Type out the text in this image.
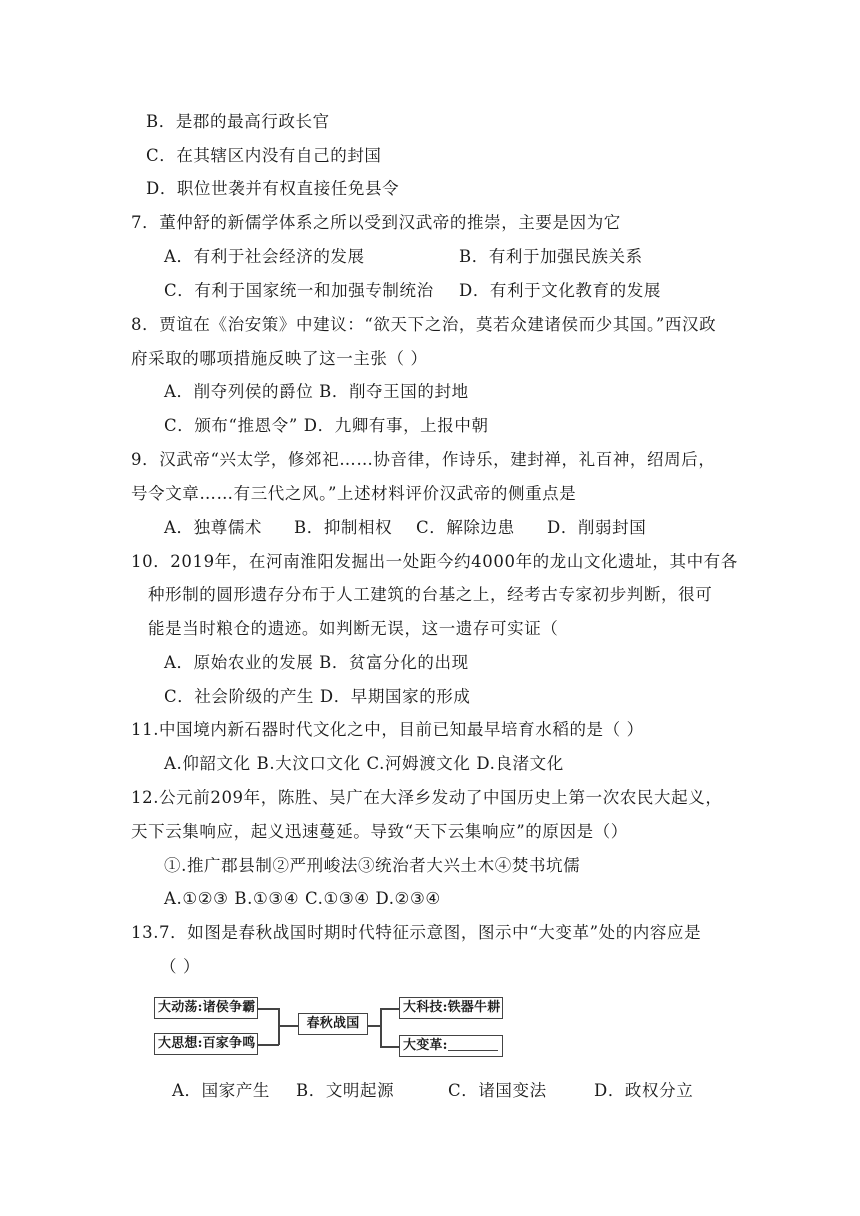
B．是郡的最高行政长官
C．在其辖区内没有自己的封国
D．职位世袭并有权直接任免县令
7．董仲舒的新儒学体系之所以受到汉武帝的推崇，主要是因为它
A．有利于社会经济的发展	B．有利于加强民族关系
C．有利于国家统一和加强专制统治 D．有利于文化教育的发展
8．贾谊在《治安策》中建议：“欲天下之治，莫若众建诸侯而少其国。”西汉政
府采取的哪项措施反映了这一主张（ ）
A．削夺列侯的爵位 B．削夺王国的封地
C．颁布“推恩令” D．九卿有事，上报中朝
9．汉武帝“兴太学，修郊祀……协音律，作诗乐，建封禅，礼百神，绍周后，
号令文章……有三代之风。”上述材料评价汉武帝的侧重点是
A．独尊儒术 B．抑制相权 C．解除边患 D．削弱封国
10．2019年，在河南淮阳发掘出一处距今约4000年的龙山文化遗址，其中有各
种形制的圆形遗存分布于人工建筑的台基之上，经考古专家初步判断，很可
能是当时粮仓的遗迹。如判断无误，这一遗存可实证（
A．原始农业的发展 B．贫富分化的出现
C．社会阶级的产生 D．早期国家的形成
11.中国境内新石器时代文化之中，目前已知最早培育水稻的是（ ）
A.仰韶文化 B.大汶口文化 C.河姆渡文化 D.良渚文化
12.公元前209年，陈胜、吴广在大泽乡发动了中国历史上第一次农民大起义，
天下云集响应，起义迅速蔓延。导致“天下云集响应”的原因是（）
①.推广郡县制②严刑峻法③统治者大兴土木④焚书坑儒
A.①②③ B.①③④ C.①③④ D.②③④
13.7．如图是春秋战国时期时代特征示意图，图示中“大变革”处的内容应是
（ ）
大动荡:诸侯争霸
大思想:百家争鸣
春秋战国
大科技:铁器牛耕
大变革:
A．国家产生 B．文明起源	C．诸国变法	D．政权分立
